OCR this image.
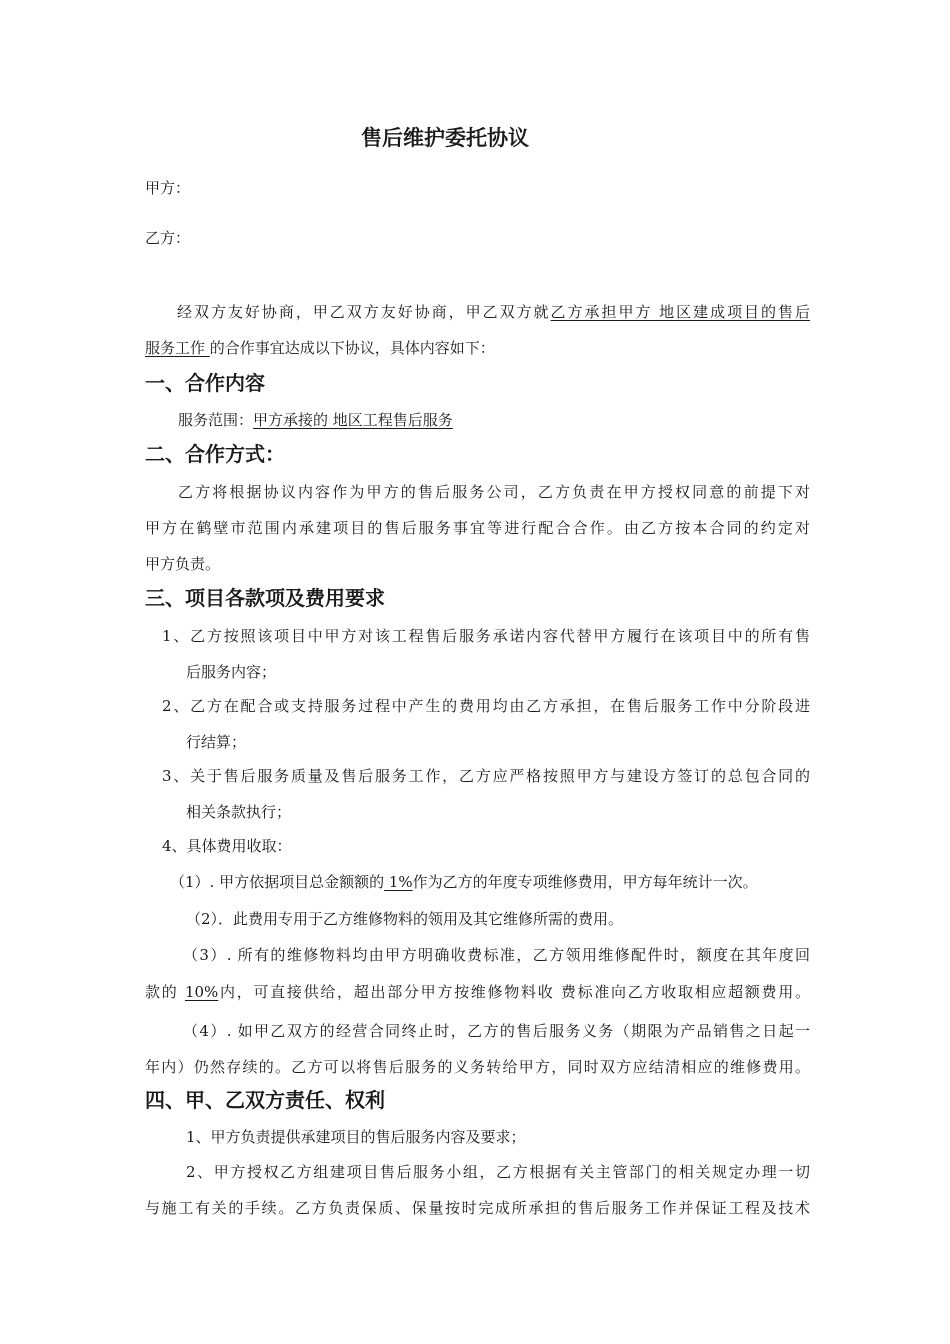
售后维护委托协议
甲方：
乙方：
经双方友好协商，甲乙双方友好协商，甲乙双方就乙方承担甲方 地区建成项目的售后
服务工作 的合作事宜达成以下协议，具体内容如下：
一、合作内容
服务范围：甲方承接的 地区工程售后服务
二、合作方式：
乙方将根据协议内容作为甲方的售后服务公司，乙方负责在甲方授权同意的前提下对
甲方在鹤壁市范围内承建项目的售后服务事宜等进行配合合作。由乙方按本合同的约定对
甲方负责。
三、项目各款项及费用要求
1、乙方按照该项目中甲方对该工程售后服务承诺内容代替甲方履行在该项目中的所有售
后服务内容；
2、乙方在配合或支持服务过程中产生的费用均由乙方承担，在售后服务工作中分阶段进
行结算；
3、关于售后服务质量及售后服务工作，乙方应严格按照甲方与建设方签订的总包合同的
相关条款执行；
4、具体费用收取：
（1）. 甲方依据项目总金额额的 1%作为乙方的年度专项维修费用，甲方每年统计一次。
（2）．此费用专用于乙方维修物料的领用及其它维修所需的费用。
（3）. 所有的维修物料均由甲方明确收费标准，乙方领用维修配件时，额度在其年度回
款的 10%内，可直接供给，超出部分甲方按维修物料收 费标准向乙方收取相应超额费用。
（4）. 如甲乙双方的经营合同终止时，乙方的售后服务义务（期限为产品销售之日起一
年内）仍然存续的。乙方可以将售后服务的义务转给甲方，同时双方应结清相应的维修费用。
四、甲、乙双方责任、权利
1、甲方负责提供承建项目的售后服务内容及要求；
2、甲方授权乙方组建项目售后服务小组，乙方根据有关主管部门的相关规定办理一切
与施工有关的手续。乙方负责保质、保量按时完成所承担的售后服务工作并保证工程及技术
